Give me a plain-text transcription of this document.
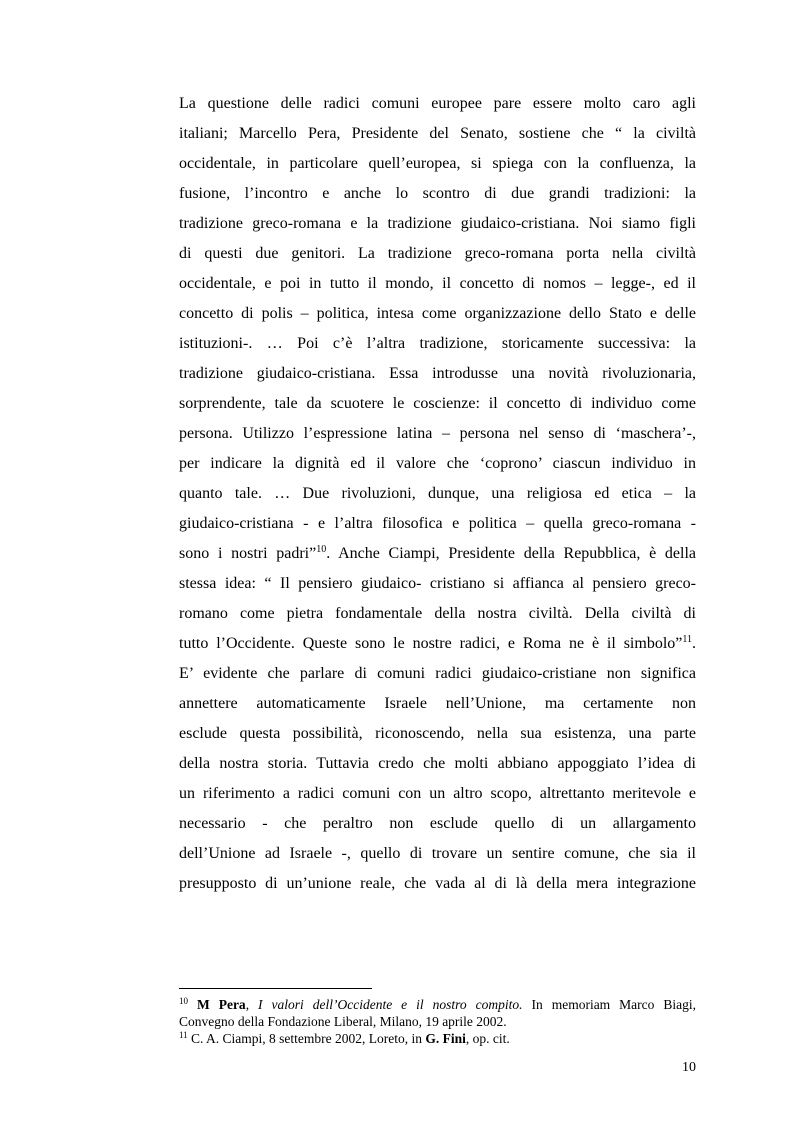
La questione delle radici comuni europee pare essere molto caro agli
italiani; Marcello Pera, Presidente del Senato, sostiene che “ la civiltà
occidentale, in particolare quell’europea, si spiega con la confluenza, la
fusione, l’incontro e anche lo scontro di due grandi tradizioni: la
tradizione greco-romana e la tradizione giudaico-cristiana. Noi siamo figli
di questi due genitori. La tradizione greco-romana porta nella civiltà
occidentale, e poi in tutto il mondo, il concetto di nomos – legge-, ed il
concetto di polis – politica, intesa come organizzazione dello Stato e delle
istituzioni-. … Poi c’è l’altra tradizione, storicamente successiva: la
tradizione giudaico-cristiana. Essa introdusse una novità rivoluzionaria,
sorprendente, tale da scuotere le coscienze: il concetto di individuo come
persona. Utilizzo l’espressione latina – persona nel senso di ‘maschera’-,
per indicare la dignità ed il valore che ‘coprono’ ciascun individuo in
quanto tale. … Due rivoluzioni, dunque, una religiosa ed etica – la
giudaico-cristiana - e l’altra filosofica e politica – quella greco-romana -
sono i nostri padri”$^{10}$. Anche Ciampi, Presidente della Repubblica, è della
stessa idea: “ Il pensiero giudaico- cristiano si affianca al pensiero greco-
romano come pietra fondamentale della nostra civiltà. Della civiltà di
tutto l’Occidente. Queste sono le nostre radici, e Roma ne è il simbolo”$^{11}$.
E’ evidente che parlare di comuni radici giudaico-cristiane non significa
annettere automaticamente Israele nell’Unione, ma certamente non
esclude questa possibilità, riconoscendo, nella sua esistenza, una parte
della nostra storia. Tuttavia credo che molti abbiano appoggiato l’idea di
un riferimento a radici comuni con un altro scopo, altrettanto meritevole e
necessario - che peraltro non esclude quello di un allargamento
dell’Unione ad Israele -, quello di trovare un sentire comune, che sia il
presupposto di un’unione reale, che vada al di là della mera integrazione
$^{10}$ M Pera, I valori dell’Occidente e il nostro compito. In memoriam Marco Biagi,
Convegno della Fondazione Liberal, Milano, 19 aprile 2002.
$^{11}$ C. A. Ciampi, 8 settembre 2002, Loreto, in G. Fini, op. cit.
10
